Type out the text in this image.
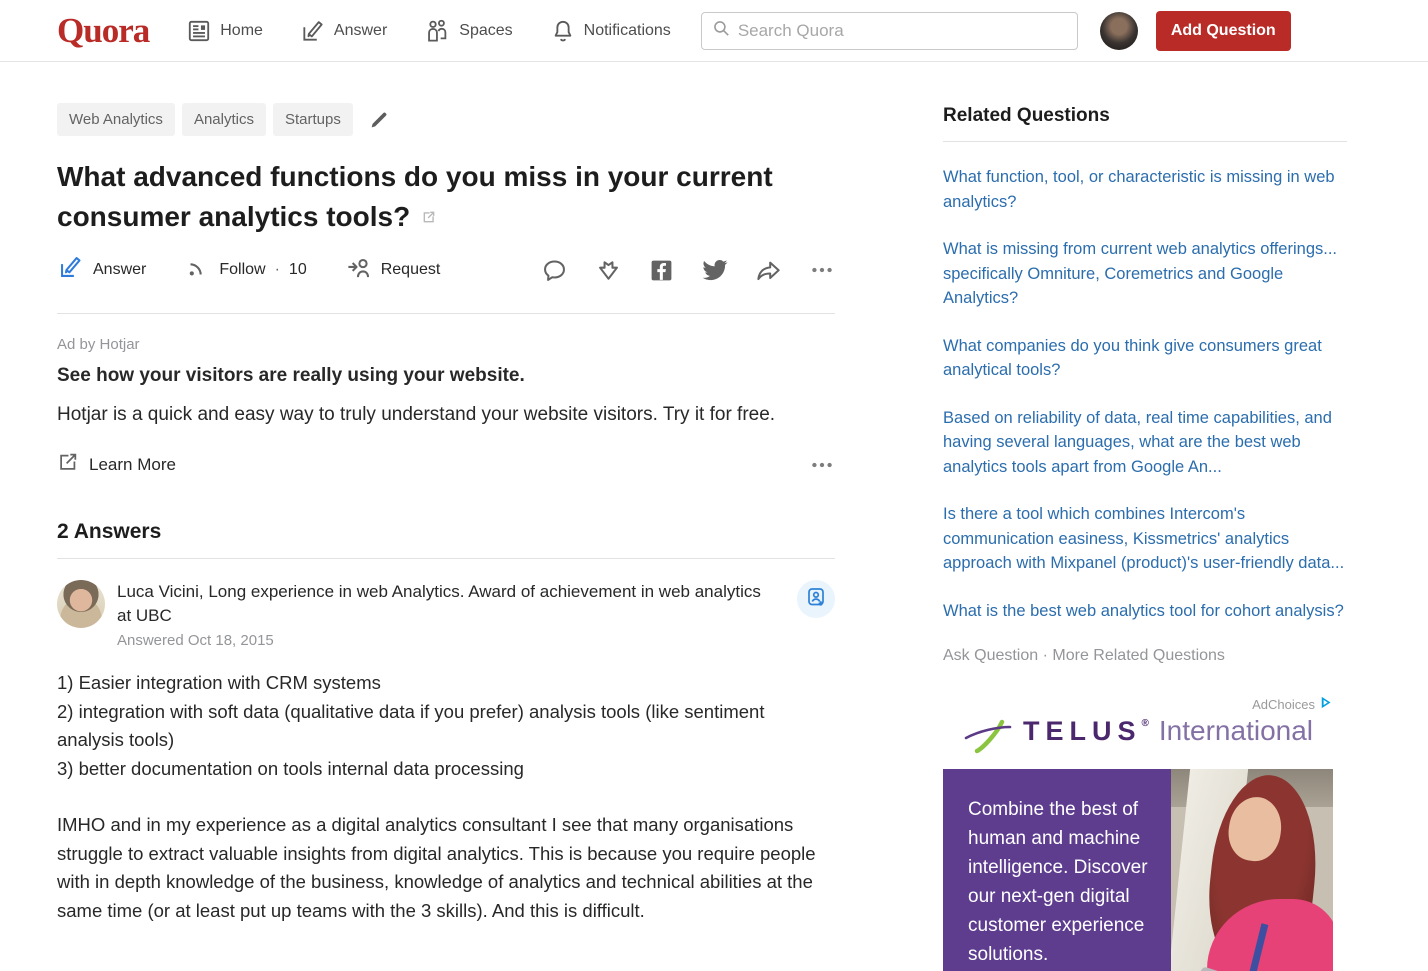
Quora	Home	Answer	Spaces	Notifications
Search Quora	Add Question
Web Analytics	Analytics	Startups
What advanced functions do you miss in your current consumer analytics tools?
Answer	Follow · 10	Request
Ad by Hotjar
See how your visitors are really using your website.
Hotjar is a quick and easy way to truly understand your website visitors. Try it for free.
Learn More
2 Answers
Luca Vicini, Long experience in web Analytics. Award of achievement in web analytics at UBC
Answered Oct 18, 2015
1) Easier integration with CRM systems
2) integration with soft data (qualitative data if you prefer) analysis tools (like sentiment analysis tools)
3) better documentation on tools internal data processing
IMHO and in my experience as a digital analytics consultant I see that many organisations struggle to extract valuable insights from digital analytics. This is because you require people with in depth knowledge of the business, knowledge of analytics and technical abilities at the same time (or at least put up teams with the 3 skills). And this is difficult.
Related Questions
What function, tool, or characteristic is missing in web analytics?
What is missing from current web analytics offerings... specifically Omniture, Coremetrics and Google Analytics?
What companies do you think give consumers great analytical tools?
Based on reliability of data, real time capabilities, and having several languages, what are the best web analytics tools apart from Google An...
Is there a tool which combines Intercom's communication easiness, Kissmetrics' analytics approach with Mixpanel (product)'s user-friendly data...
What is the best web analytics tool for cohort analysis?
Ask Question · More Related Questions
AdChoices
TELUS® International
Combine the best of human and machine intelligence. Discover our next-gen digital customer experience solutions.
